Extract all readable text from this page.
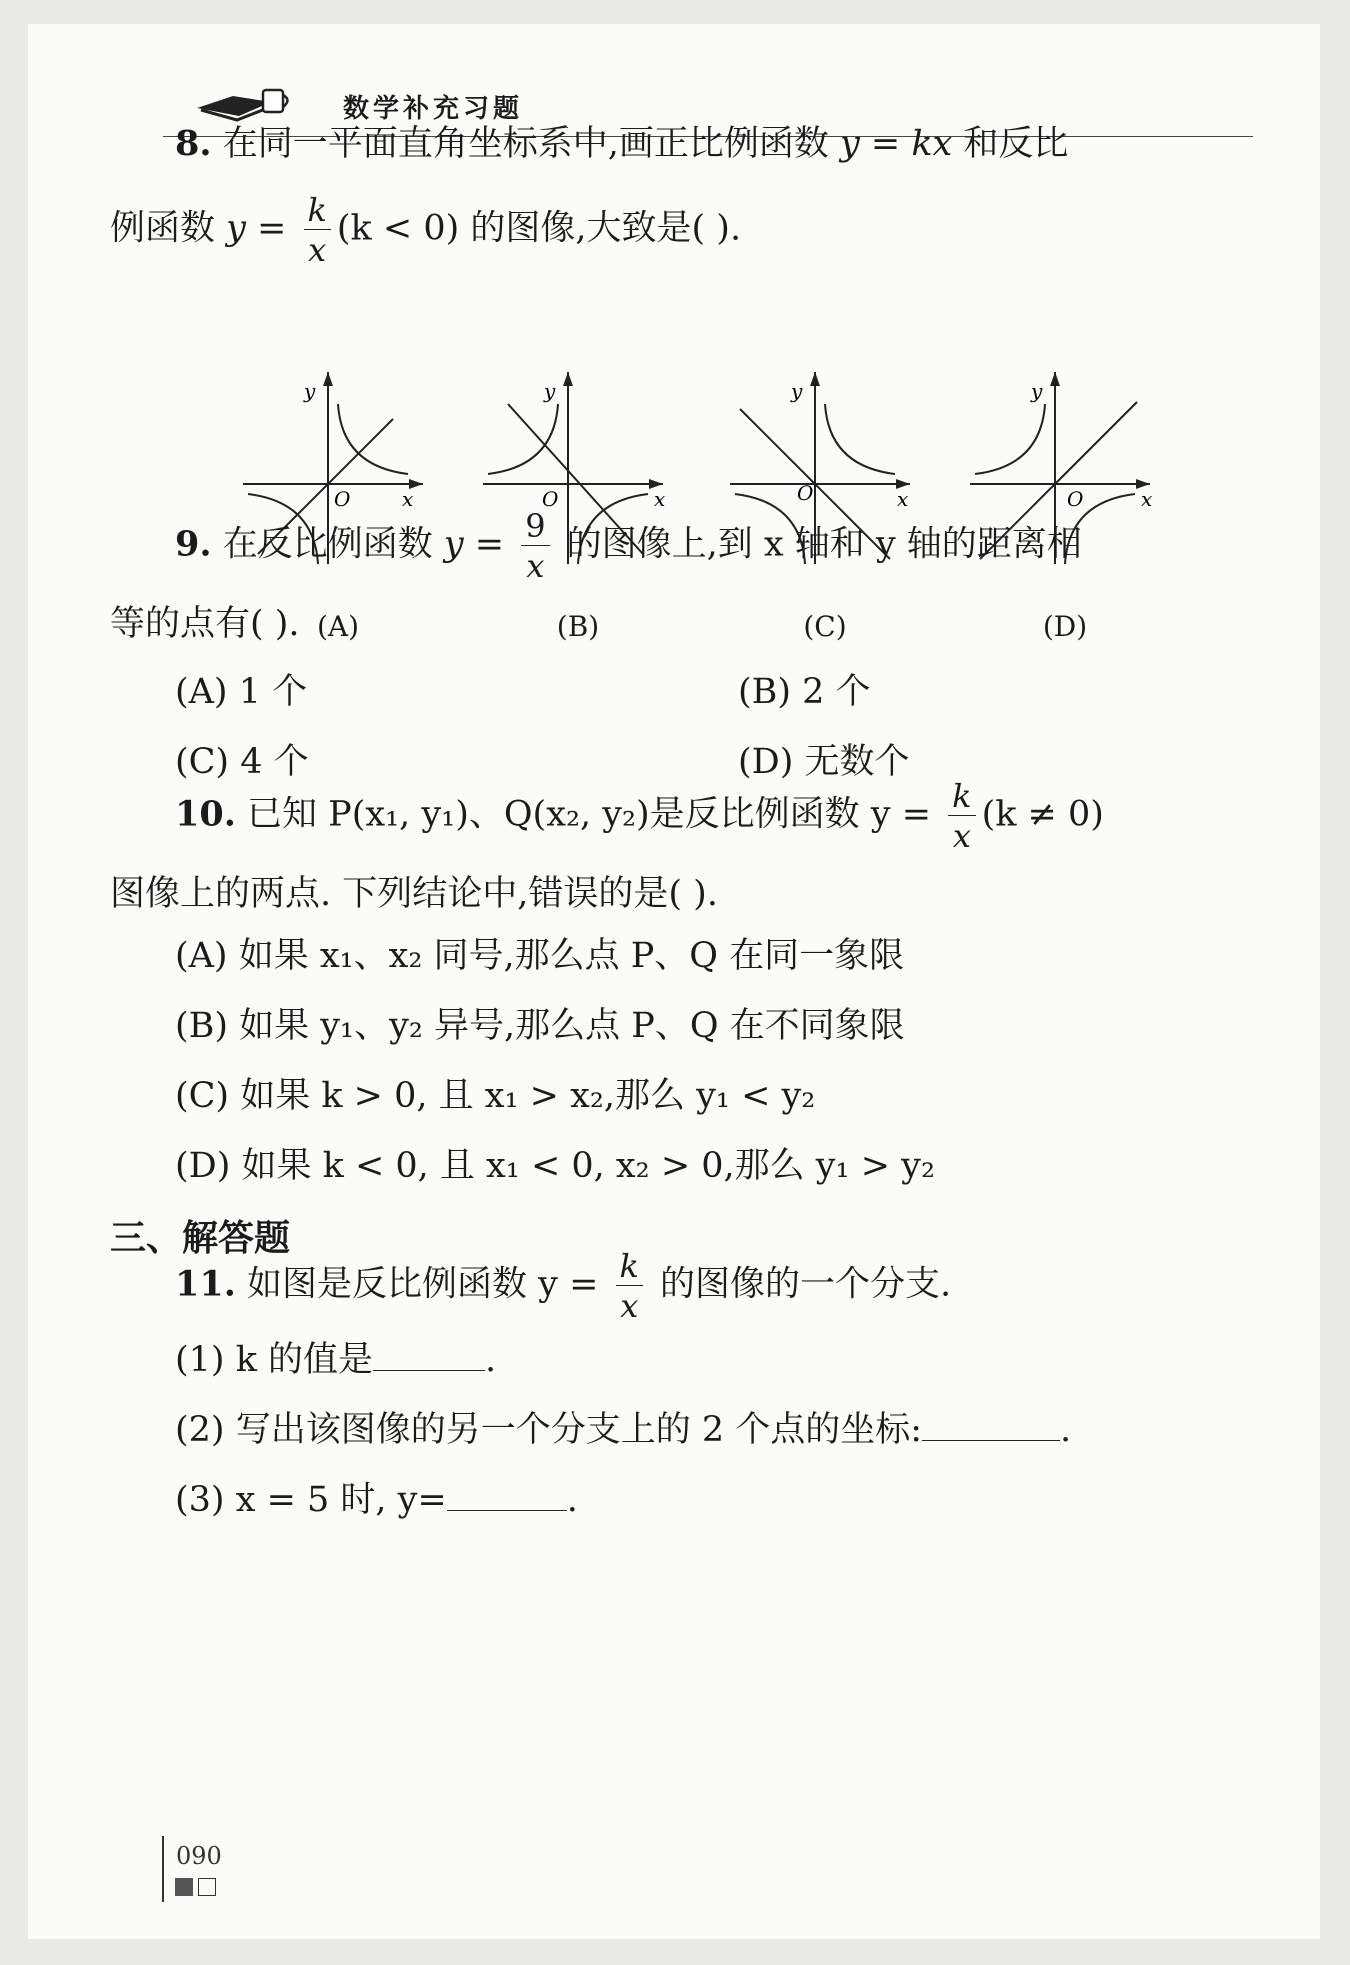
数学补充习题
8. 在同一平面直角坐标系中,画正比例函数 y = kx 和反比
例函数 $y = \frac{k}{x} (k < 0)$ 的图像,大致是( ).
y
x
O
(A)
y
x
O
(B)
y
x
O
(C)
y
x
O
(D)
9. 在反比例函数 $y = \frac{9}{x}$ 的图像上,到 x 轴和 y 轴的距离相
等的点有( ).
(A) 1 个	(B) 2 个
(C) 4 个	(D) 无数个
10. 已知 P(x₁, y₁)、Q(x₂, y₂)是反比例函数 $y = \frac{k}{x} (k \ne 0)$
图像上的两点. 下列结论中,错误的是( ).
(A) 如果 x₁、x₂ 同号,那么点 P、Q 在同一象限
(B) 如果 y₁、y₂ 异号,那么点 P、Q 在不同象限
(C) 如果 k > 0, 且 x₁ > x₂,那么 y₁ < y₂
(D) 如果 k < 0, 且 x₁ < 0, x₂ > 0,那么 y₁ > y₂
三、解答题
11. 如图是反比例函数 $y = \frac{k}{x}$ 的图像的一个分支.
(1) k 的值是	.
(2) 写出该图像的另一个分支上的 2 个点的坐标:	.
(3) x = 5 时, y=	.
090
